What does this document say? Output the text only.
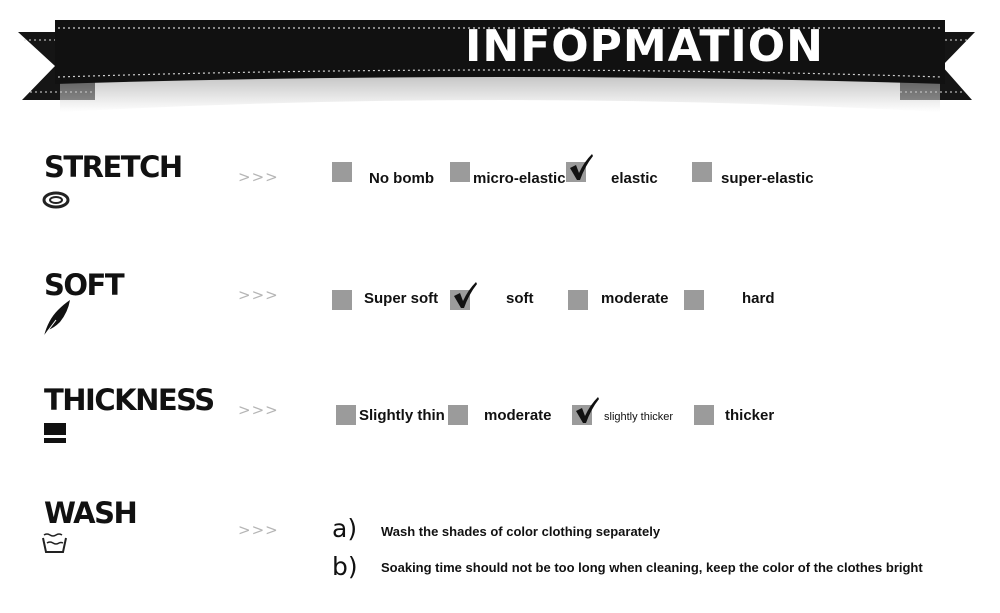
INFOPMATION
STRETCH	>>>	No bomb	micro-elastic	elastic	super-elastic
SOFT	>>>	Super soft	soft	moderate	hard
THICKNESS >>>	Slightly thin	moderate	slightly thicker	thicker
WASH	>>> a) Wash the shades of color clothing separately
b) Soaking time should not be too long when cleaning, keep the color of the clothes bright
